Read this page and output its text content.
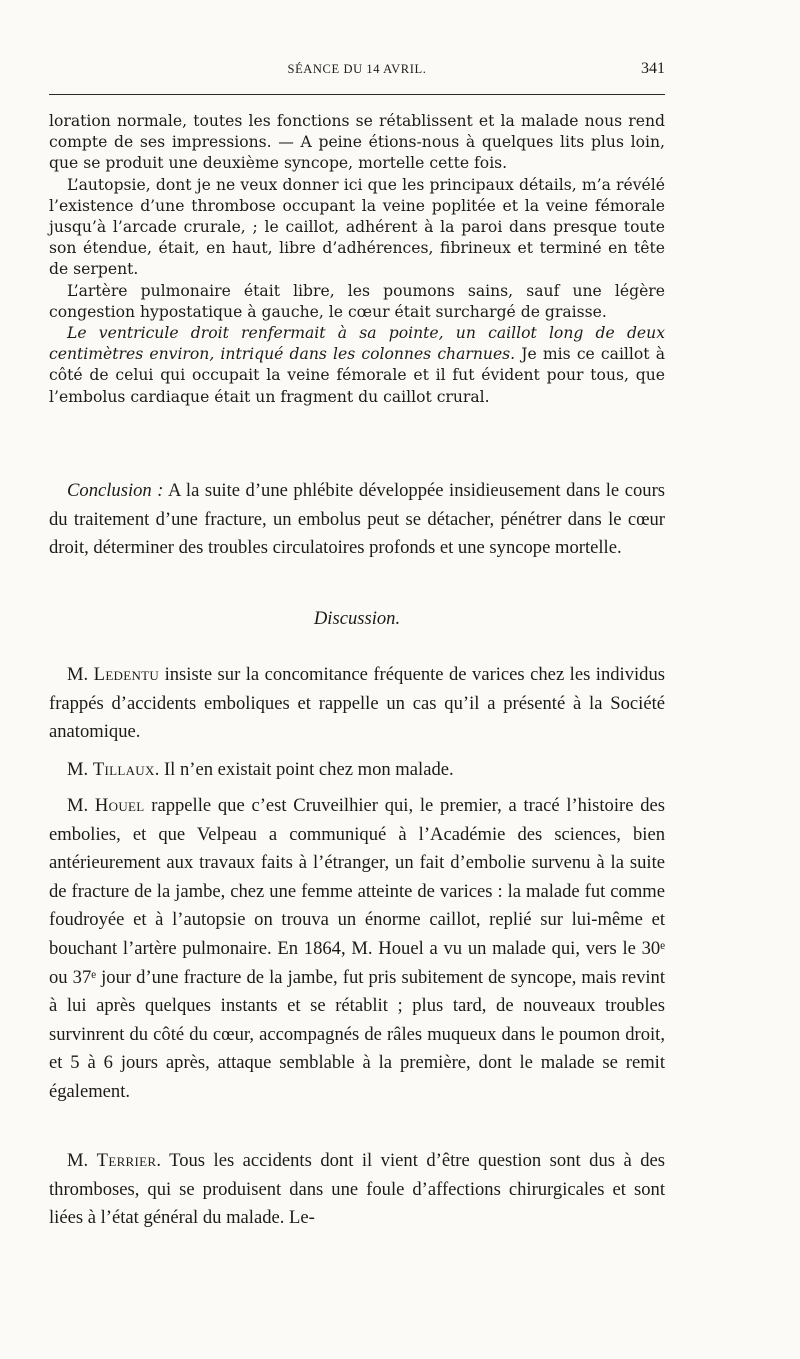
SÉANCE DU 14 AVRIL.	341

loration normale, toutes les fonctions se rétablissent et la malade nous rend compte de ses impressions. — A peine étions-nous à quelques lits plus loin, que se produit une deuxième syncope, mortelle cette fois.

L’autopsie, dont je ne veux donner ici que les principaux détails, m’a révélé l’existence d’une thrombose occupant la veine poplitée et la veine fémorale jusqu’à l’arcade crurale, ; le caillot, adhérent à la paroi dans presque toute son étendue, était, en haut, libre d’adhérences, fibrineux et terminé en tête de serpent.

L’artère pulmonaire était libre, les poumons sains, sauf une légère congestion hypostatique à gauche, le cœur était surchargé de graisse.

Le ventricule droit renfermait à sa pointe, un caillot long de deux centimètres environ, intriqué dans les colonnes charnues. Je mis ce caillot à côté de celui qui occupait la veine fémorale et il fut évident pour tous, que l’embolus cardiaque était un fragment du caillot crural.

Conclusion : A la suite d’une phlébite développée insidieusement dans le cours du traitement d’une fracture, un embolus peut se détacher, pénétrer dans le cœur droit, déterminer des troubles circulatoires profonds et une syncope mortelle.

Discussion.

M. Ledentu insiste sur la concomitance fréquente de varices chez les individus frappés d’accidents emboliques et rappelle un cas qu’il a présenté à la Société anatomique.

M. Tillaux. Il n’en existait point chez mon malade.

M. Houel rappelle que c’est Cruveilhier qui, le premier, a tracé l’histoire des embolies, et que Velpeau a communiqué à l’Académie des sciences, bien antérieurement aux travaux faits à l’étranger, un fait d’embolie survenu à la suite de fracture de la jambe, chez une femme atteinte de varices : la malade fut comme foudroyée et à l’autopsie on trouva un énorme caillot, replié sur lui-même et bouchant l’artère pulmonaire. En 1864, M. Houel a vu un malade qui, vers le 30ᵉ ou 37ᵉ jour d’une fracture de la jambe, fut pris subitement de syncope, mais revint à lui après quelques instants et se rétablit ; plus tard, de nouveaux troubles survinrent du côté du cœur, accompagnés de râles muqueux dans le poumon droit, et 5 à 6 jours après, attaque semblable à la première, dont le malade se remit également.

M. Terrier. Tous les accidents dont il vient d’être question sont dus à des thromboses, qui se produisent dans une foule d’affections chirurgicales et sont liées à l’état général du malade. Le-
